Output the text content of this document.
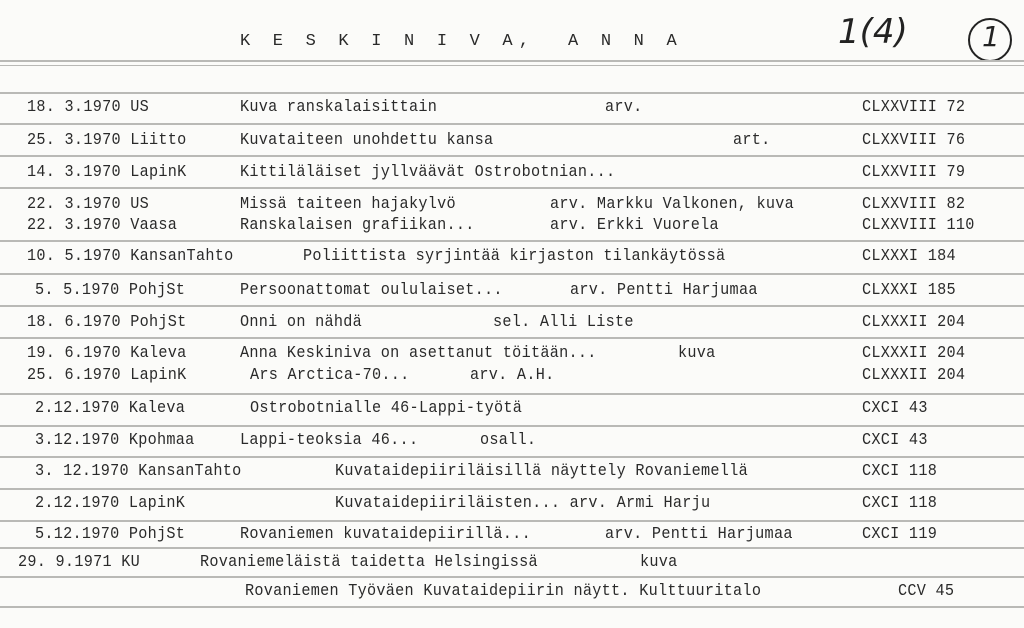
K E S K I N I V A,  A N N A	1(4)	1
18. 3.1970 US	Kuva ranskalaisittain	arv.	CLXXVIII 72
25. 3.1970 Liitto	Kuvataiteen unohdettu kansa	art.	CLXXVIII 76
14. 3.1970 LapinK	Kittiläläiset jyllväävät Ostrobotnian...	CLXXVIII 79
22. 3.1970 US	Missä taiteen hajakylvö	arv. Markku Valkonen, kuva	CLXXVIII 82
22. 3.1970 Vaasa	Ranskalaisen grafiikan...	arv. Erkki Vuorela	CLXXVIII 110
10. 5.1970 KansanTahto	Poliittista syrjintää kirjaston tilankäytössä	CLXXXI 184
5. 5.1970 PohjSt	Persoonattomat oululaiset...	arv. Pentti Harjumaa	CLXXXI 185
18. 6.1970 PohjSt	Onni on nähdä	sel. Alli Liste	CLXXXII 204
19. 6.1970 Kaleva	Anna Keskiniva on asettanut töitään...	kuva	CLXXXII 204
25. 6.1970 LapinK	Ars Arctica-70...	arv. A.H.	CLXXXII 204
2.12.1970 Kaleva	Ostrobotnialle 46-Lappi-työtä	CXCI 43
3.12.1970 Kpohmaa	Lappi-teoksia 46...	osall.	CXCI 43
3. 12.1970 KansanTahto	Kuvataidepiiriläisillä näyttely Rovaniemellä	CXCI 118
2.12.1970 LapinK	Kuvataidepiiriläisten... arv. Armi Harju	CXCI 118
5.12.1970 PohjSt	Rovaniemen kuvataidepiirillä...	arv. Pentti Harjumaa	CXCI 119
29. 9.1971 KU	Rovaniemeläistä taidetta Helsingissä	kuva
Rovaniemen Työväen Kuvataidepiirin näytt. Kulttuuritalo	CCV 45
